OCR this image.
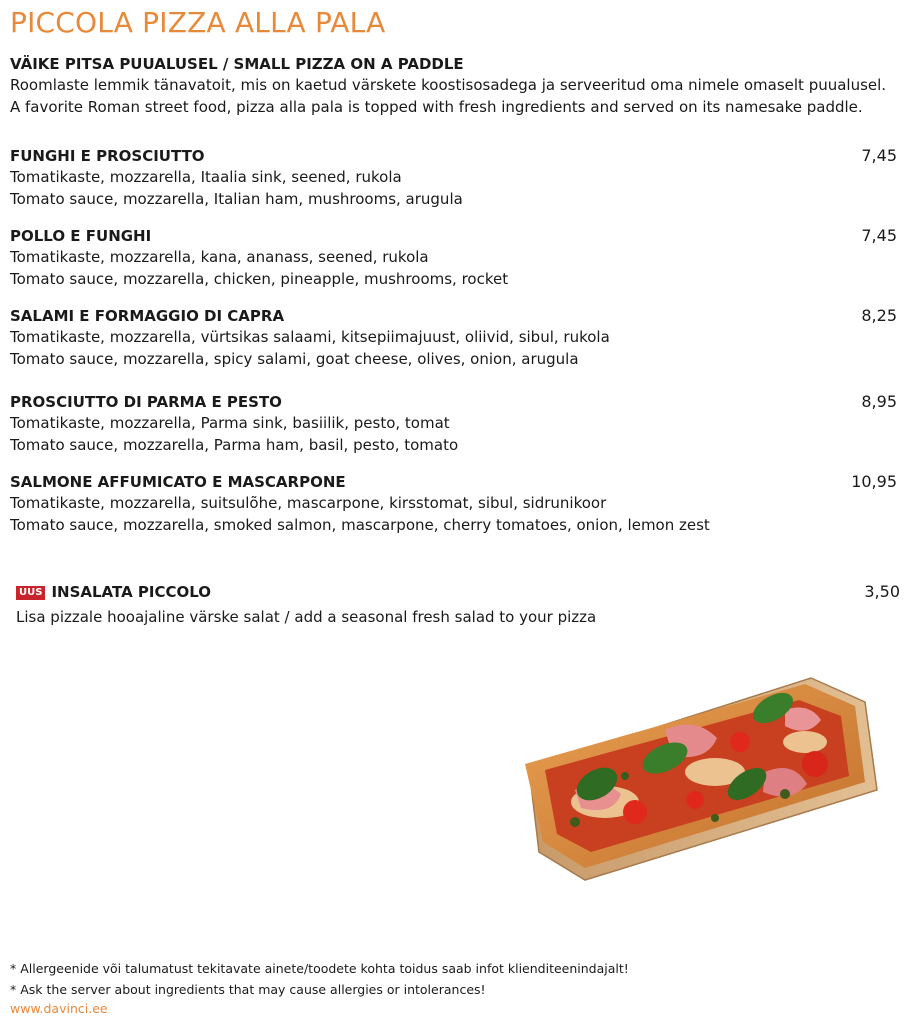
PICCOLA PIZZA ALLA PALA
VÄIKE PITSA PUUALUSEL / SMALL PIZZA ON A PADDLE
Roomlaste lemmik tänavatoit, mis on kaetud värskete koostisosadega ja serveeritud oma nimele omaselt puualusel.
A favorite Roman street food, pizza alla pala is topped with fresh ingredients and served on its namesake paddle.
FUNGHI E PROSCIUTTO	7,45
Tomatikaste, mozzarella, Itaalia sink, seened, rukola
Tomato sauce, mozzarella, Italian ham, mushrooms, arugula
POLLO E FUNGHI	7,45
Tomatikaste, mozzarella, kana, ananass, seened, rukola
Tomato sauce, mozzarella, chicken, pineapple, mushrooms, rocket
SALAMI E FORMAGGIO DI CAPRA	8,25
Tomatikaste, mozzarella, vürtsikas salaami, kitsepiimajuust, oliivid, sibul, rukola
Tomato sauce, mozzarella, spicy salami, goat cheese, olives, onion, arugula
PROSCIUTTO DI PARMA E PESTO	8,95
Tomatikaste, mozzarella, Parma sink, basiilik, pesto, tomat
Tomato sauce, mozzarella, Parma ham, basil, pesto, tomato
SALMONE AFFUMICATO E MASCARPONE	10,95
Tomatikaste, mozzarella, suitsulõhe, mascarpone, kirsstomat, sibul, sidrunikoor
Tomato sauce, mozzarella, smoked salmon, mascarpone, cherry tomatoes, onion, lemon zest
UUS INSALATA PICCOLO	3,50
Lisa pizzale hooajaline värske salat / add a seasonal fresh salad to your pizza
* Allergeenide või talumatust tekitavate ainete/toodete kohta toidus saab infot klienditeenindajalt!
* Ask the server about ingredients that may cause allergies or intolerances!
www.davinci.ee
